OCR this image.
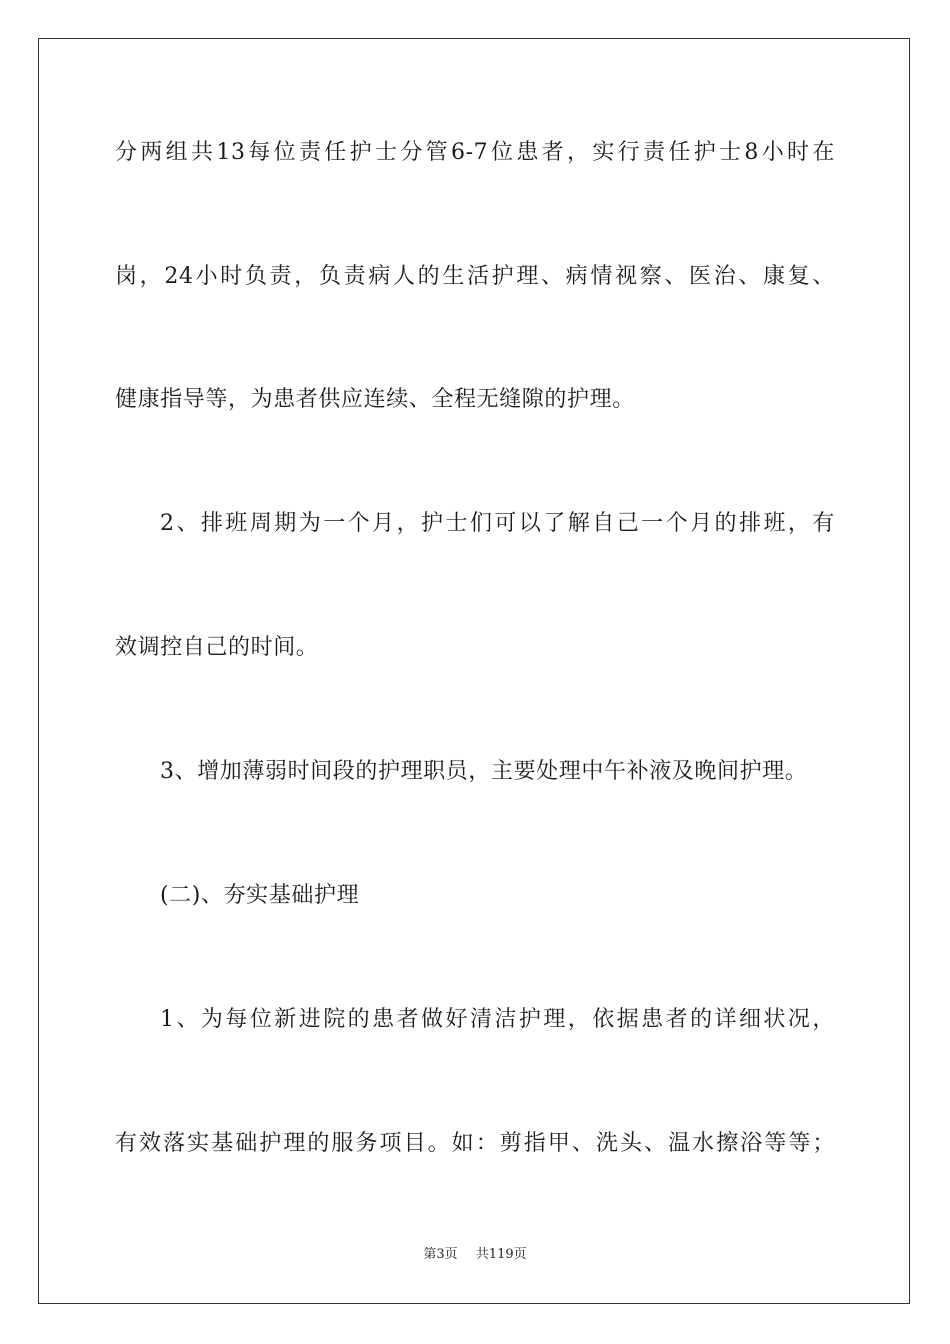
分两组共13每位责任护士分管6-7位患者，实行责任护士8小时在
岗，24小时负责，负责病人的生活护理、病情视察、医治、康复、
健康指导等，为患者供应连续、全程无缝隙的护理。
2、排班周期为一个月，护士们可以了解自己一个月的排班，有
效调控自己的时间。
3、增加薄弱时间段的护理职员，主要处理中午补液及晚间护理。
(二)、夯实基础护理
1、为每位新进院的患者做好清洁护理，依据患者的详细状况，
有效落实基础护理的服务项目。如：剪指甲、洗头、温水擦浴等等；
第3页 共119页
